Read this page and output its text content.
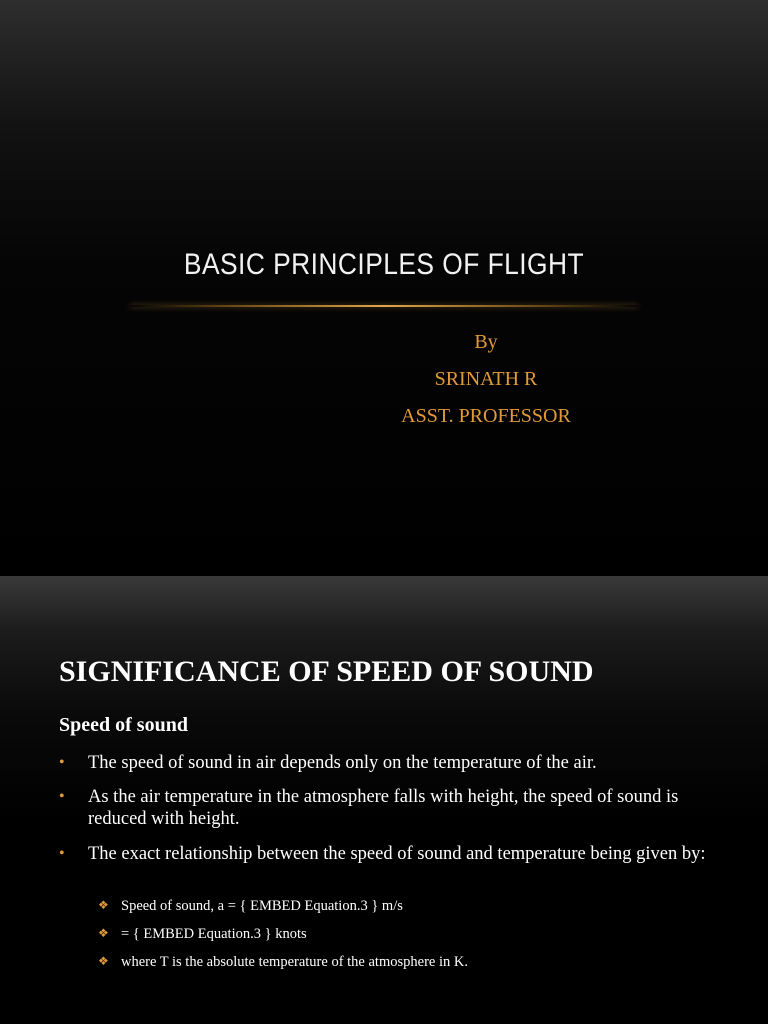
BASIC PRINCIPLES OF FLIGHT
By
SRINATH R
ASST. PROFESSOR
SIGNIFICANCE OF SPEED OF SOUND
Speed of sound
• The speed of sound in air depends only on the temperature of the air.
• As the air temperature in the atmosphere falls with height, the speed of sound is reduced with height.
• The exact relationship between the speed of sound and temperature being given by:
❖ Speed of sound, a = { EMBED Equation.3 } m/s
❖ = { EMBED Equation.3 } knots
❖ where T is the absolute temperature of the atmosphere in K.
